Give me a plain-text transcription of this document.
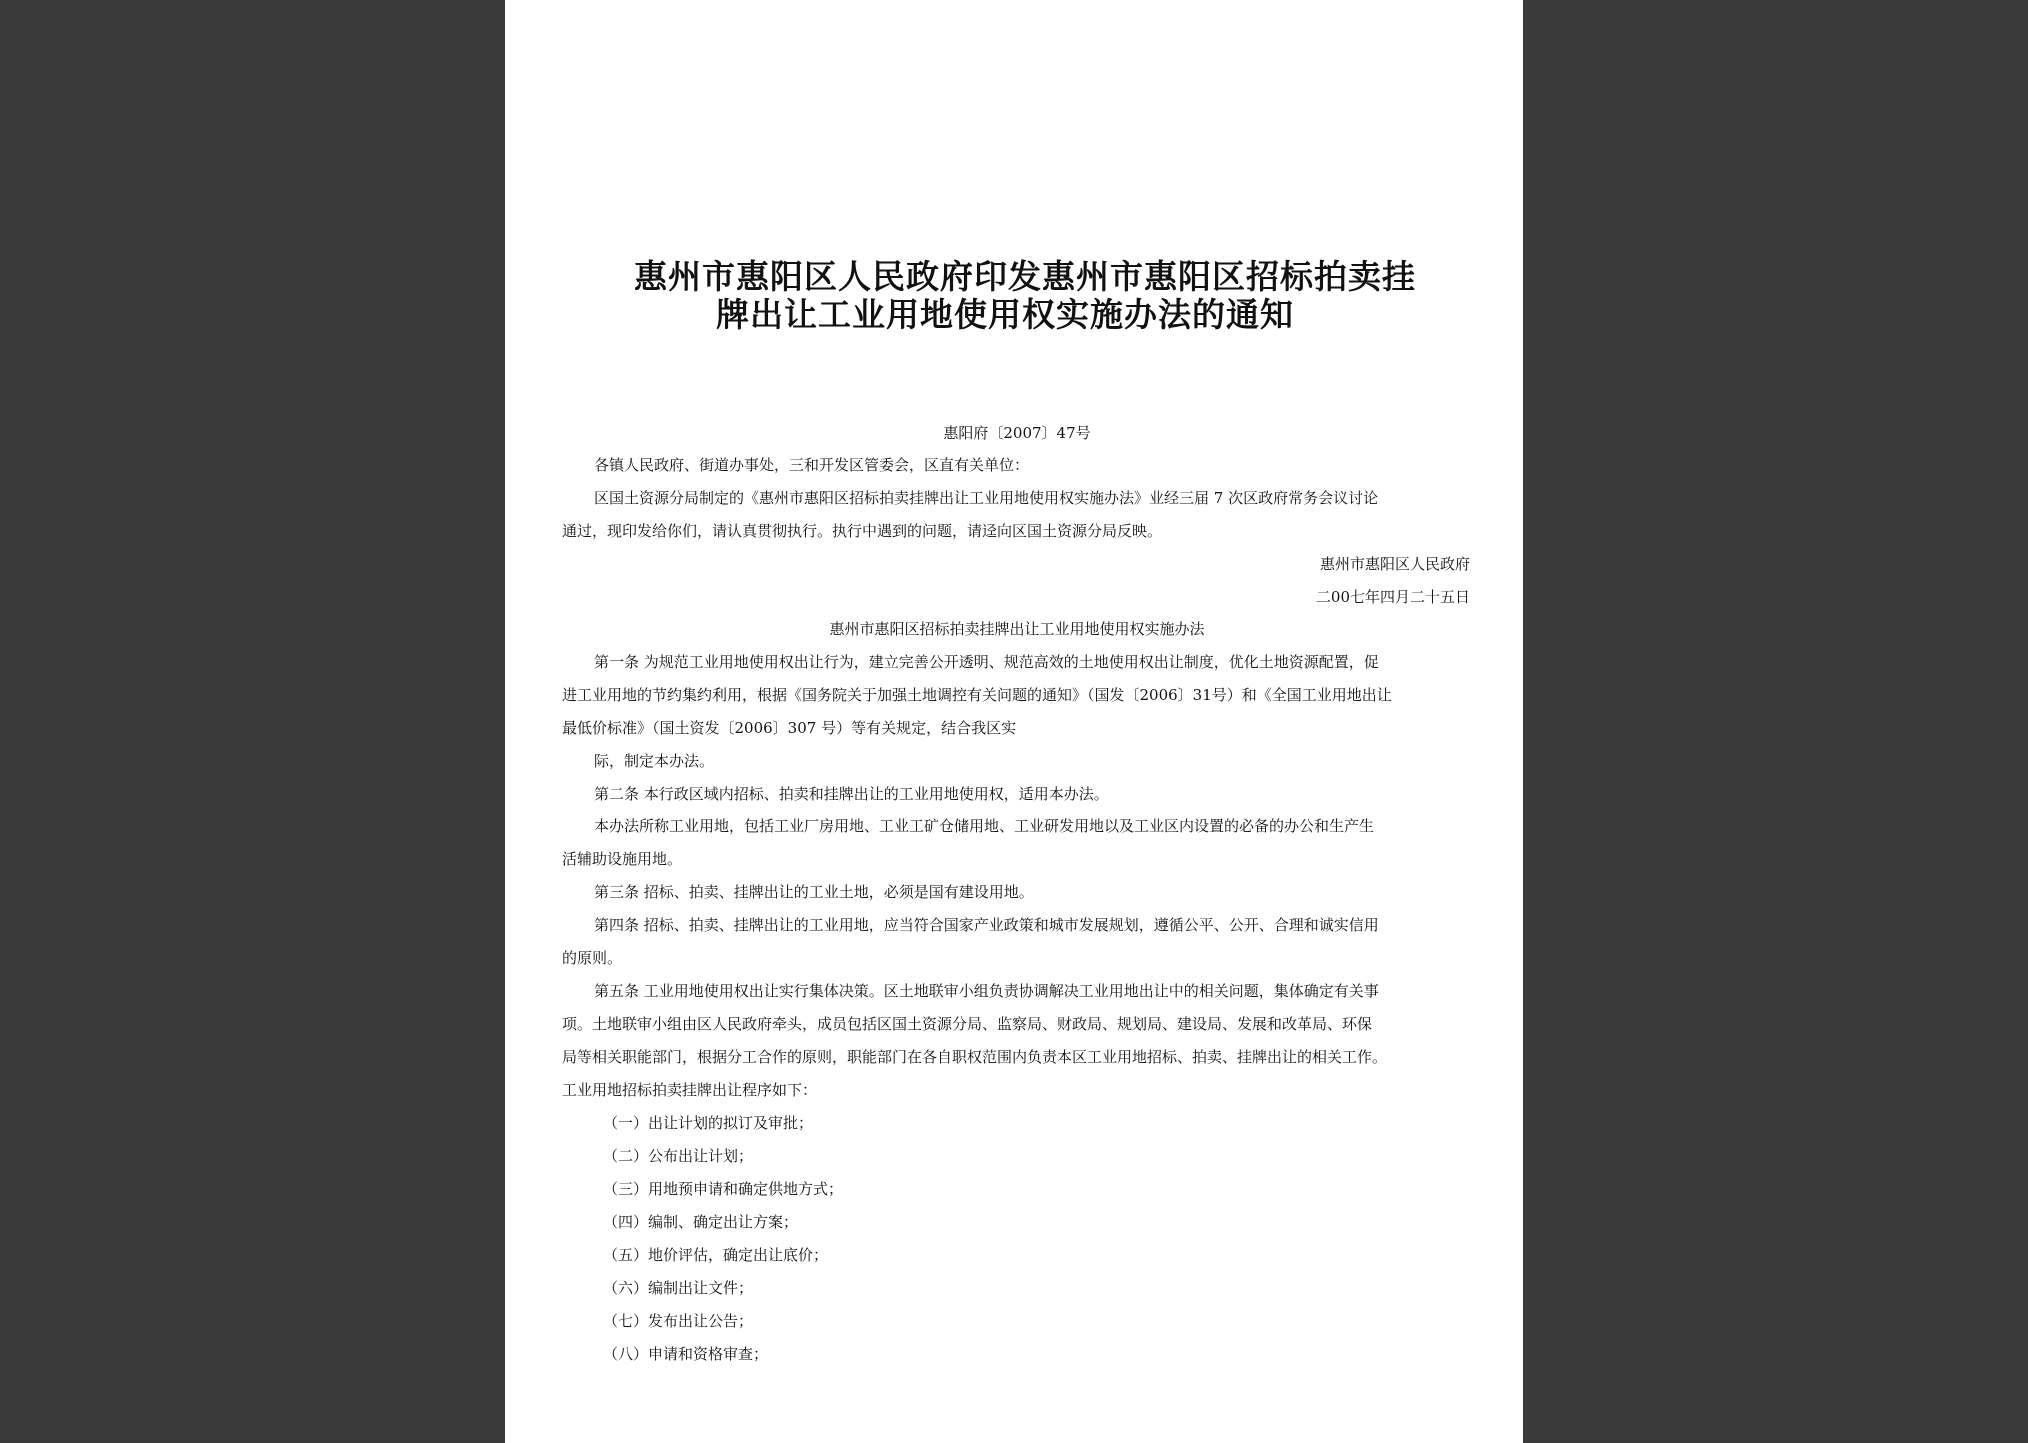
惠州市惠阳区人民政府印发惠州市惠阳区招标拍卖挂
牌出让工业用地使用权实施办法的通知
惠阳府〔2007〕47号
各镇人民政府、街道办事处，三和开发区管委会，区直有关单位：
区国土资源分局制定的《惠州市惠阳区招标拍卖挂牌出让工业用地使用权实施办法》业经三届 7 次区政府常务会议讨论
通过，现印发给你们，请认真贯彻执行。执行中遇到的问题，请迳向区国土资源分局反映。
惠州市惠阳区人民政府
二00七年四月二十五日
惠州市惠阳区招标拍卖挂牌出让工业用地使用权实施办法
第一条 为规范工业用地使用权出让行为，建立完善公开透明、规范高效的土地使用权出让制度，优化土地资源配置，促
进工业用地的节约集约利用，根据《国务院关于加强土地调控有关问题的通知》（国发〔2006〕31号）和《全国工业用地出让
最低价标准》（国土资发〔2006〕307 号）等有关规定，结合我区实
际，制定本办法。
第二条 本行政区域内招标、拍卖和挂牌出让的工业用地使用权，适用本办法。
本办法所称工业用地，包括工业厂房用地、工业工矿仓储用地、工业研发用地以及工业区内设置的必备的办公和生产生
活辅助设施用地。
第三条 招标、拍卖、挂牌出让的工业土地，必须是国有建设用地。
第四条 招标、拍卖、挂牌出让的工业用地，应当符合国家产业政策和城市发展规划，遵循公平、公开、合理和诚实信用
的原则。
第五条 工业用地使用权出让实行集体决策。区土地联审小组负责协调解决工业用地出让中的相关问题，集体确定有关事
项。土地联审小组由区人民政府牵头，成员包括区国土资源分局、监察局、财政局、规划局、建设局、发展和改革局、环保
局等相关职能部门，根据分工合作的原则，职能部门在各自职权范围内负责本区工业用地招标、拍卖、挂牌出让的相关工作。
工业用地招标拍卖挂牌出让程序如下：
（一）出让计划的拟订及审批；
（二）公布出让计划；
（三）用地预申请和确定供地方式；
（四）编制、确定出让方案；
（五）地价评估，确定出让底价；
（六）编制出让文件；
（七）发布出让公告；
（八）申请和资格审查；
